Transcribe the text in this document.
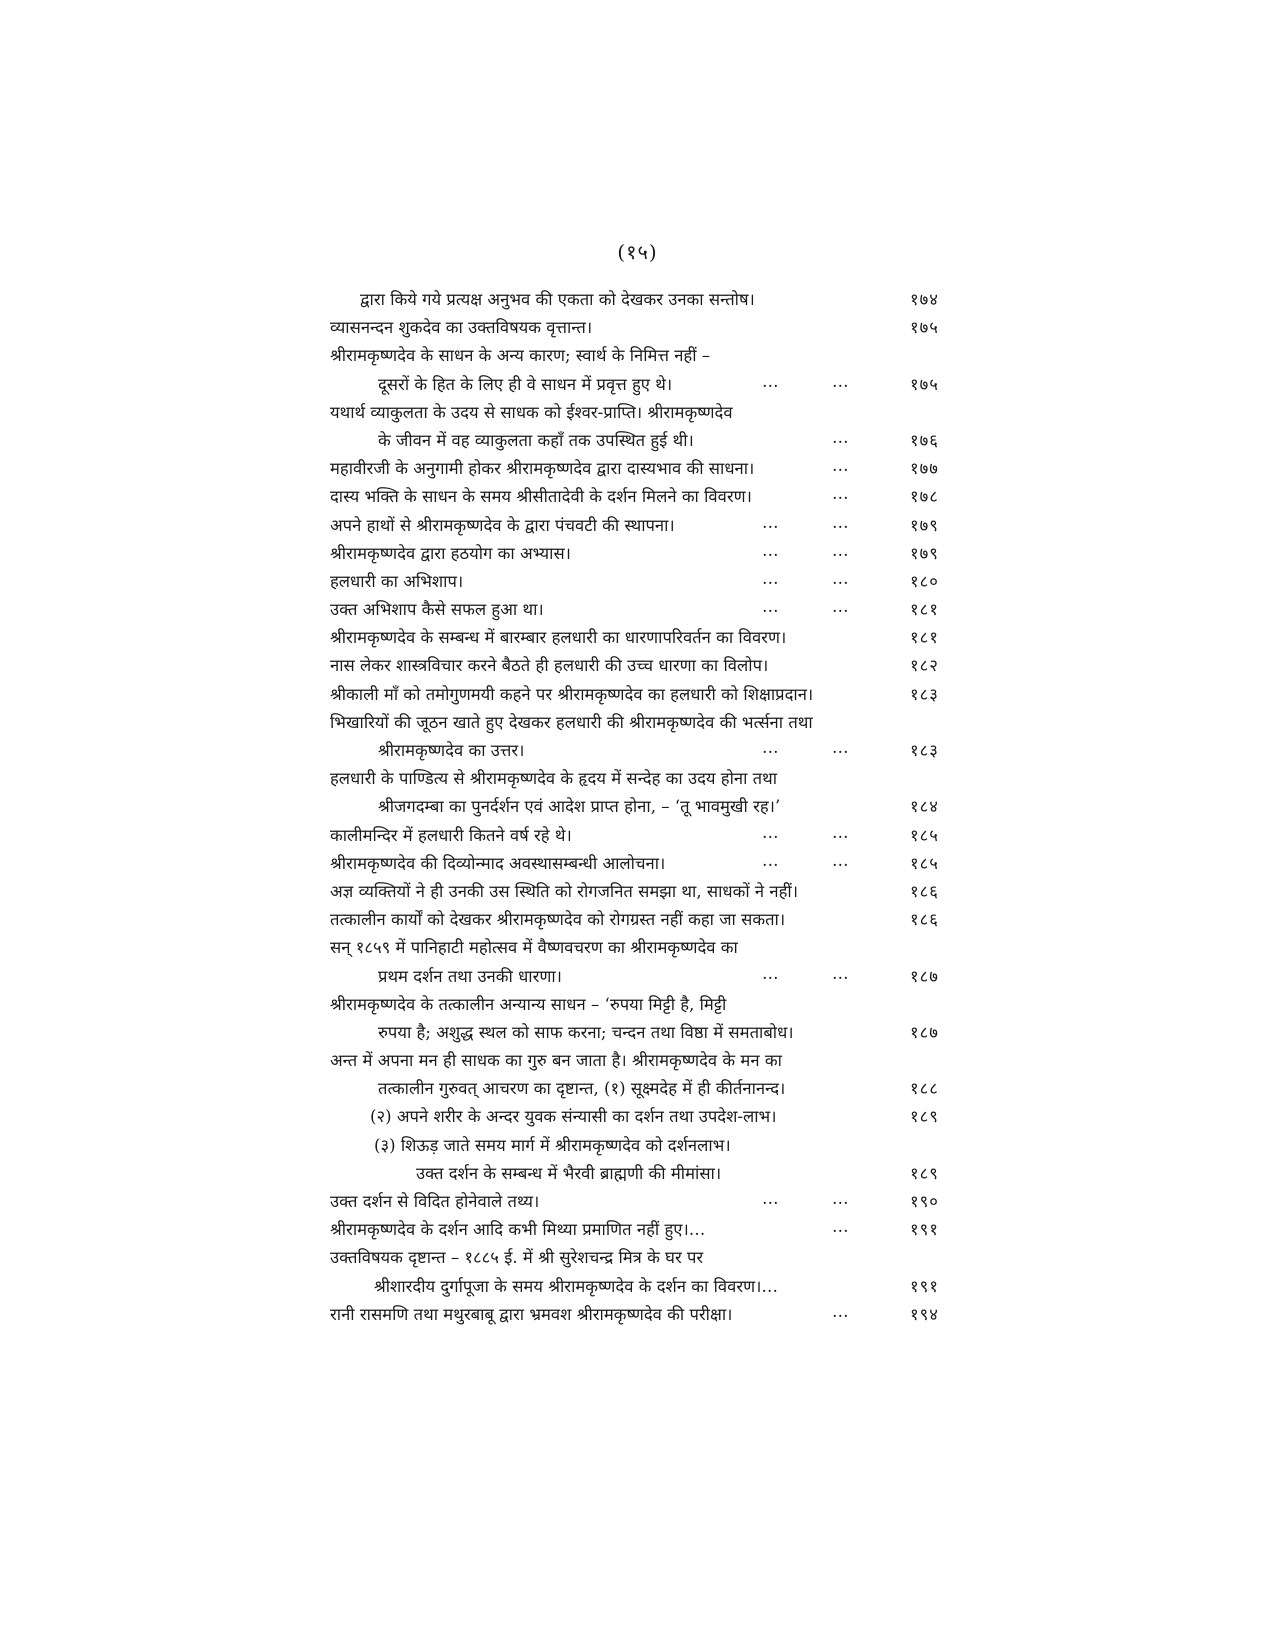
(१५)
द्वारा किये गये प्रत्यक्ष अनुभव की एकता को देखकर उनका सन्तोष।	१७४
व्यासनन्दन शुकदेव का उक्तविषयक वृत्तान्त।	१७५
श्रीरामकृष्णदेव के साधन के अन्य कारण; स्वार्थ के निमित्त नहीं –
दूसरों के हित के लिए ही वे साधन में प्रवृत्त हुए थे।	…	…	१७५
यथार्थ व्याकुलता के उदय से साधक को ईश्वर-प्राप्ति। श्रीरामकृष्णदेव
के जीवन में वह व्याकुलता कहाँ तक उपस्थित हुई थी।	…	१७६
महावीरजी के अनुगामी होकर श्रीरामकृष्णदेव द्वारा दास्यभाव की साधना।	…	१७७
दास्य भक्ति के साधन के समय श्रीसीतादेवी के दर्शन मिलने का विवरण।	…	१७८
अपने हाथों से श्रीरामकृष्णदेव के द्वारा पंचवटी की स्थापना।	…	…	१७९
श्रीरामकृष्णदेव द्वारा हठयोग का अभ्यास।	…	…	१७९
हलधारी का अभिशाप।	…	…	१८०
उक्त अभिशाप कैसे सफल हुआ था।	…	…	१८१
श्रीरामकृष्णदेव के सम्बन्ध में बारम्बार हलधारी का धारणापरिवर्तन का विवरण।	१८१
नास लेकर शास्त्रविचार करने बैठते ही हलधारी की उच्च धारणा का विलोप।	१८२
श्रीकाली माँ को तमोगुणमयी कहने पर श्रीरामकृष्णदेव का हलधारी को शिक्षाप्रदान।	१८३
भिखारियों की जूठन खाते हुए देखकर हलधारी की श्रीरामकृष्णदेव की भर्त्सना तथा
श्रीरामकृष्णदेव का उत्तर।	…	…	१८३
हलधारी के पाण्डित्य से श्रीरामकृष्णदेव के हृदय में सन्देह का उदय होना तथा
श्रीजगदम्बा का पुनर्दर्शन एवं आदेश प्राप्त होना, – ‘तू भावमुखी रह।’	१८४
कालीमन्दिर में हलधारी कितने वर्ष रहे थे।	…	…	१८५
श्रीरामकृष्णदेव की दिव्योन्माद अवस्थासम्बन्धी आलोचना।	…	…	१८५
अज्ञ व्यक्तियों ने ही उनकी उस स्थिति को रोगजनित समझा था, साधकों ने नहीं।	१८६
तत्कालीन कार्यों को देखकर श्रीरामकृष्णदेव को रोगग्रस्त नहीं कहा जा सकता।	१८६
सन् १८५९ में पानिहाटी महोत्सव में वैष्णवचरण का श्रीरामकृष्णदेव का
प्रथम दर्शन तथा उनकी धारणा।	…	…	१८७
श्रीरामकृष्णदेव के तत्कालीन अन्यान्य साधन – ‘रुपया मिट्टी है, मिट्टी
रुपया है; अशुद्ध स्थल को साफ करना; चन्दन तथा विष्ठा में समताबोध।	१८७
अन्त में अपना मन ही साधक का गुरु बन जाता है। श्रीरामकृष्णदेव के मन का
तत्कालीन गुरुवत् आचरण का दृष्टान्त, (१) सूक्ष्मदेह में ही कीर्तनानन्द।	१८८
(२) अपने शरीर के अन्दर युवक संन्यासी का दर्शन तथा उपदेश-लाभ।	१८९
(३) शिऊड़ जाते समय मार्ग में श्रीरामकृष्णदेव को दर्शनलाभ।
उक्त दर्शन के सम्बन्ध में भैरवी ब्राह्मणी की मीमांसा।	१८९
उक्त दर्शन से विदित होनेवाले तथ्य।	…	…	१९०
श्रीरामकृष्णदेव के दर्शन आदि कभी मिथ्या प्रमाणित नहीं हुए।…	…	१९१
उक्तविषयक दृष्टान्त – १८८५ ई. में श्री सुरेशचन्द्र मित्र के घर पर
श्रीशारदीय दुर्गापूजा के समय श्रीरामकृष्णदेव के दर्शन का विवरण।…	१९१
रानी रासमणि तथा मथुरबाबू द्वारा भ्रमवश श्रीरामकृष्णदेव की परीक्षा।	…	१९४
